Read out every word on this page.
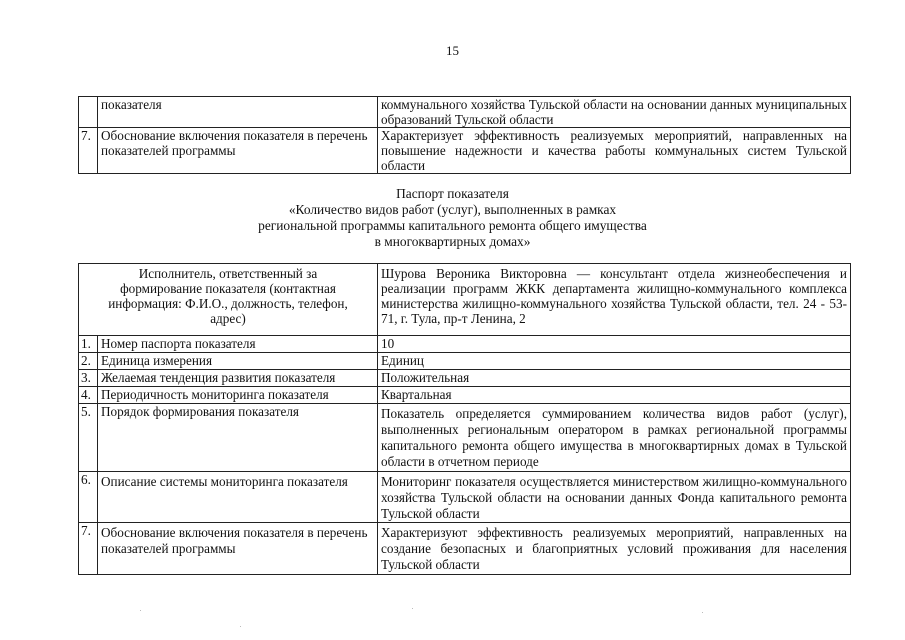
15
	показателя	коммунального хозяйства Тульской области на основании данных муниципальных образований Тульской области
7.	Обоснование включения показателя в перечень показателей программы	Характеризует эффективность реализуемых мероприятий, направленных на повышение надежности и качества работы коммунальных систем Тульской области
Паспорт показателя
«Количество видов работ (услуг), выполненных в рамках
региональной программы капитального ремонта общего имущества
в многоквартирных домах»
Исполнитель, ответственный за формирование показателя (контактная информация: Ф.И.О., должность, телефон, адрес)		Шурова Вероника Викторовна — консультант отдела жизнеобеспечения и реализации программ ЖКК департамента жилищно-коммунального комплекса министерства жилищно-коммунального хозяйства Тульской области, тел. 24 - 53-71, г. Тула, пр-т Ленина, 2
1.	Номер паспорта показателя	10
2.	Единица измерения	Единиц
3.	Желаемая тенденция развития показателя	Положительная
4.	Периодичность мониторинга показателя	Квартальная
5.	Порядок формирования показателя	Показатель определяется суммированием количества видов работ (услуг), выполненных региональным оператором в рамках региональной программы капитального ремонта общего имущества в многоквартирных домах в Тульской области в отчетном периоде
6.	Описание системы мониторинга показателя	Мониторинг показателя осуществляется министерством жилищно-коммунального хозяйства Тульской области на основании данных Фонда капитального ремонта Тульской области
7.	Обоснование включения показателя в перечень показателей программы	Характеризуют эффективность реализуемых мероприятий, направленных на создание безопасных и благоприятных условий проживания для населения Тульской области
